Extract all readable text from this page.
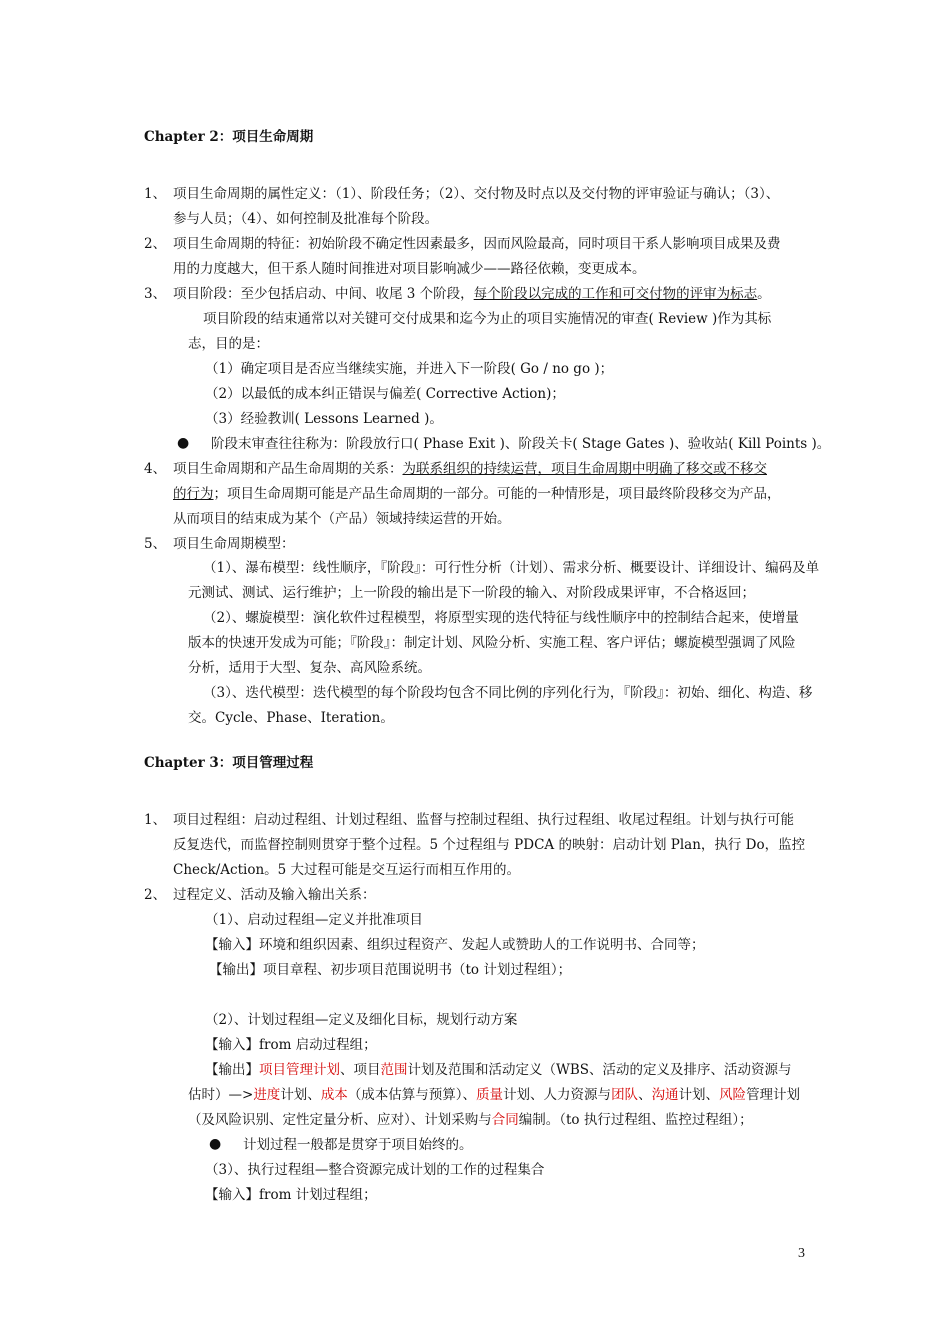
Chapter 2：项目生命周期
1、 项目生命周期的属性定义：（1）、阶段任务；（2）、交付物及时点以及交付物的评审验证与确认；（3）、
参与人员；（4）、如何控制及批准每个阶段。
2、 项目生命周期的特征：初始阶段不确定性因素最多，因而风险最高，同时项目干系人影响项目成果及费
用的力度越大，但干系人随时间推进对项目影响减少——路径依赖，变更成本。
3、 项目阶段：至少包括启动、中间、收尾 3 个阶段，每个阶段以完成的工作和可交付物的评审为标志。
项目阶段的结束通常以对关键可交付成果和迄今为止的项目实施情况的审查( Review )作为其标
志，目的是：
（1）确定项目是否应当继续实施，并进入下一阶段( Go / no go )；
（2）以最低的成本纠正错误与偏差( Corrective Action)；
（3）经验教训( Lessons Learned )。
● 阶段末审查往往称为：阶段放行口( Phase Exit )、阶段关卡( Stage Gates )、验收站( Kill Points )。
4、 项目生命周期和产品生命周期的关系：为联系组织的持续运营，项目生命周期中明确了移交或不移交
的行为；项目生命周期可能是产品生命周期的一部分。可能的一种情形是，项目最终阶段移交为产品，
从而项目的结束成为某个（产品）领域持续运营的开始。
5、 项目生命周期模型：
（1）、瀑布模型：线性顺序，『阶段』：可行性分析（计划）、需求分析、概要设计、详细设计、编码及单
元测试、测试、运行维护；上一阶段的输出是下一阶段的输入、对阶段成果评审，不合格返回；
（2）、螺旋模型：演化软件过程模型，将原型实现的迭代特征与线性顺序中的控制结合起来，使增量
版本的快速开发成为可能；『阶段』：制定计划、风险分析、实施工程、客户评估；螺旋模型强调了风险
分析，适用于大型、复杂、高风险系统。
（3）、迭代模型：迭代模型的每个阶段均包含不同比例的序列化行为，『阶段』：初始、细化、构造、移
交。Cycle、Phase、Iteration。
Chapter 3：项目管理过程
1、 项目过程组：启动过程组、计划过程组、监督与控制过程组、执行过程组、收尾过程组。计划与执行可能
反复迭代，而监督控制则贯穿于整个过程。5 个过程组与 PDCA 的映射：启动计划 Plan，执行 Do，监控
Check/Action。5 大过程可能是交互运行而相互作用的。
2、 过程定义、活动及输入输出关系：
（1）、启动过程组—定义并批准项目
【输入】环境和组织因素、组织过程资产、发起人或赞助人的工作说明书、合同等；
【输出】项目章程、初步项目范围说明书（to 计划过程组）；
（2）、计划过程组—定义及细化目标，规划行动方案
【输入】from 启动过程组；
【输出】项目管理计划、项目范围计划及范围和活动定义（WBS、活动的定义及排序、活动资源与
估时）—>进度计划、成本（成本估算与预算）、质量计划、人力资源与团队、沟通计划、风险管理计划
（及风险识别、定性定量分析、应对）、计划采购与合同编制。（to 执行过程组、监控过程组）；
● 计划过程一般都是贯穿于项目始终的。
（3）、执行过程组—整合资源完成计划的工作的过程集合
【输入】from 计划过程组；
3
